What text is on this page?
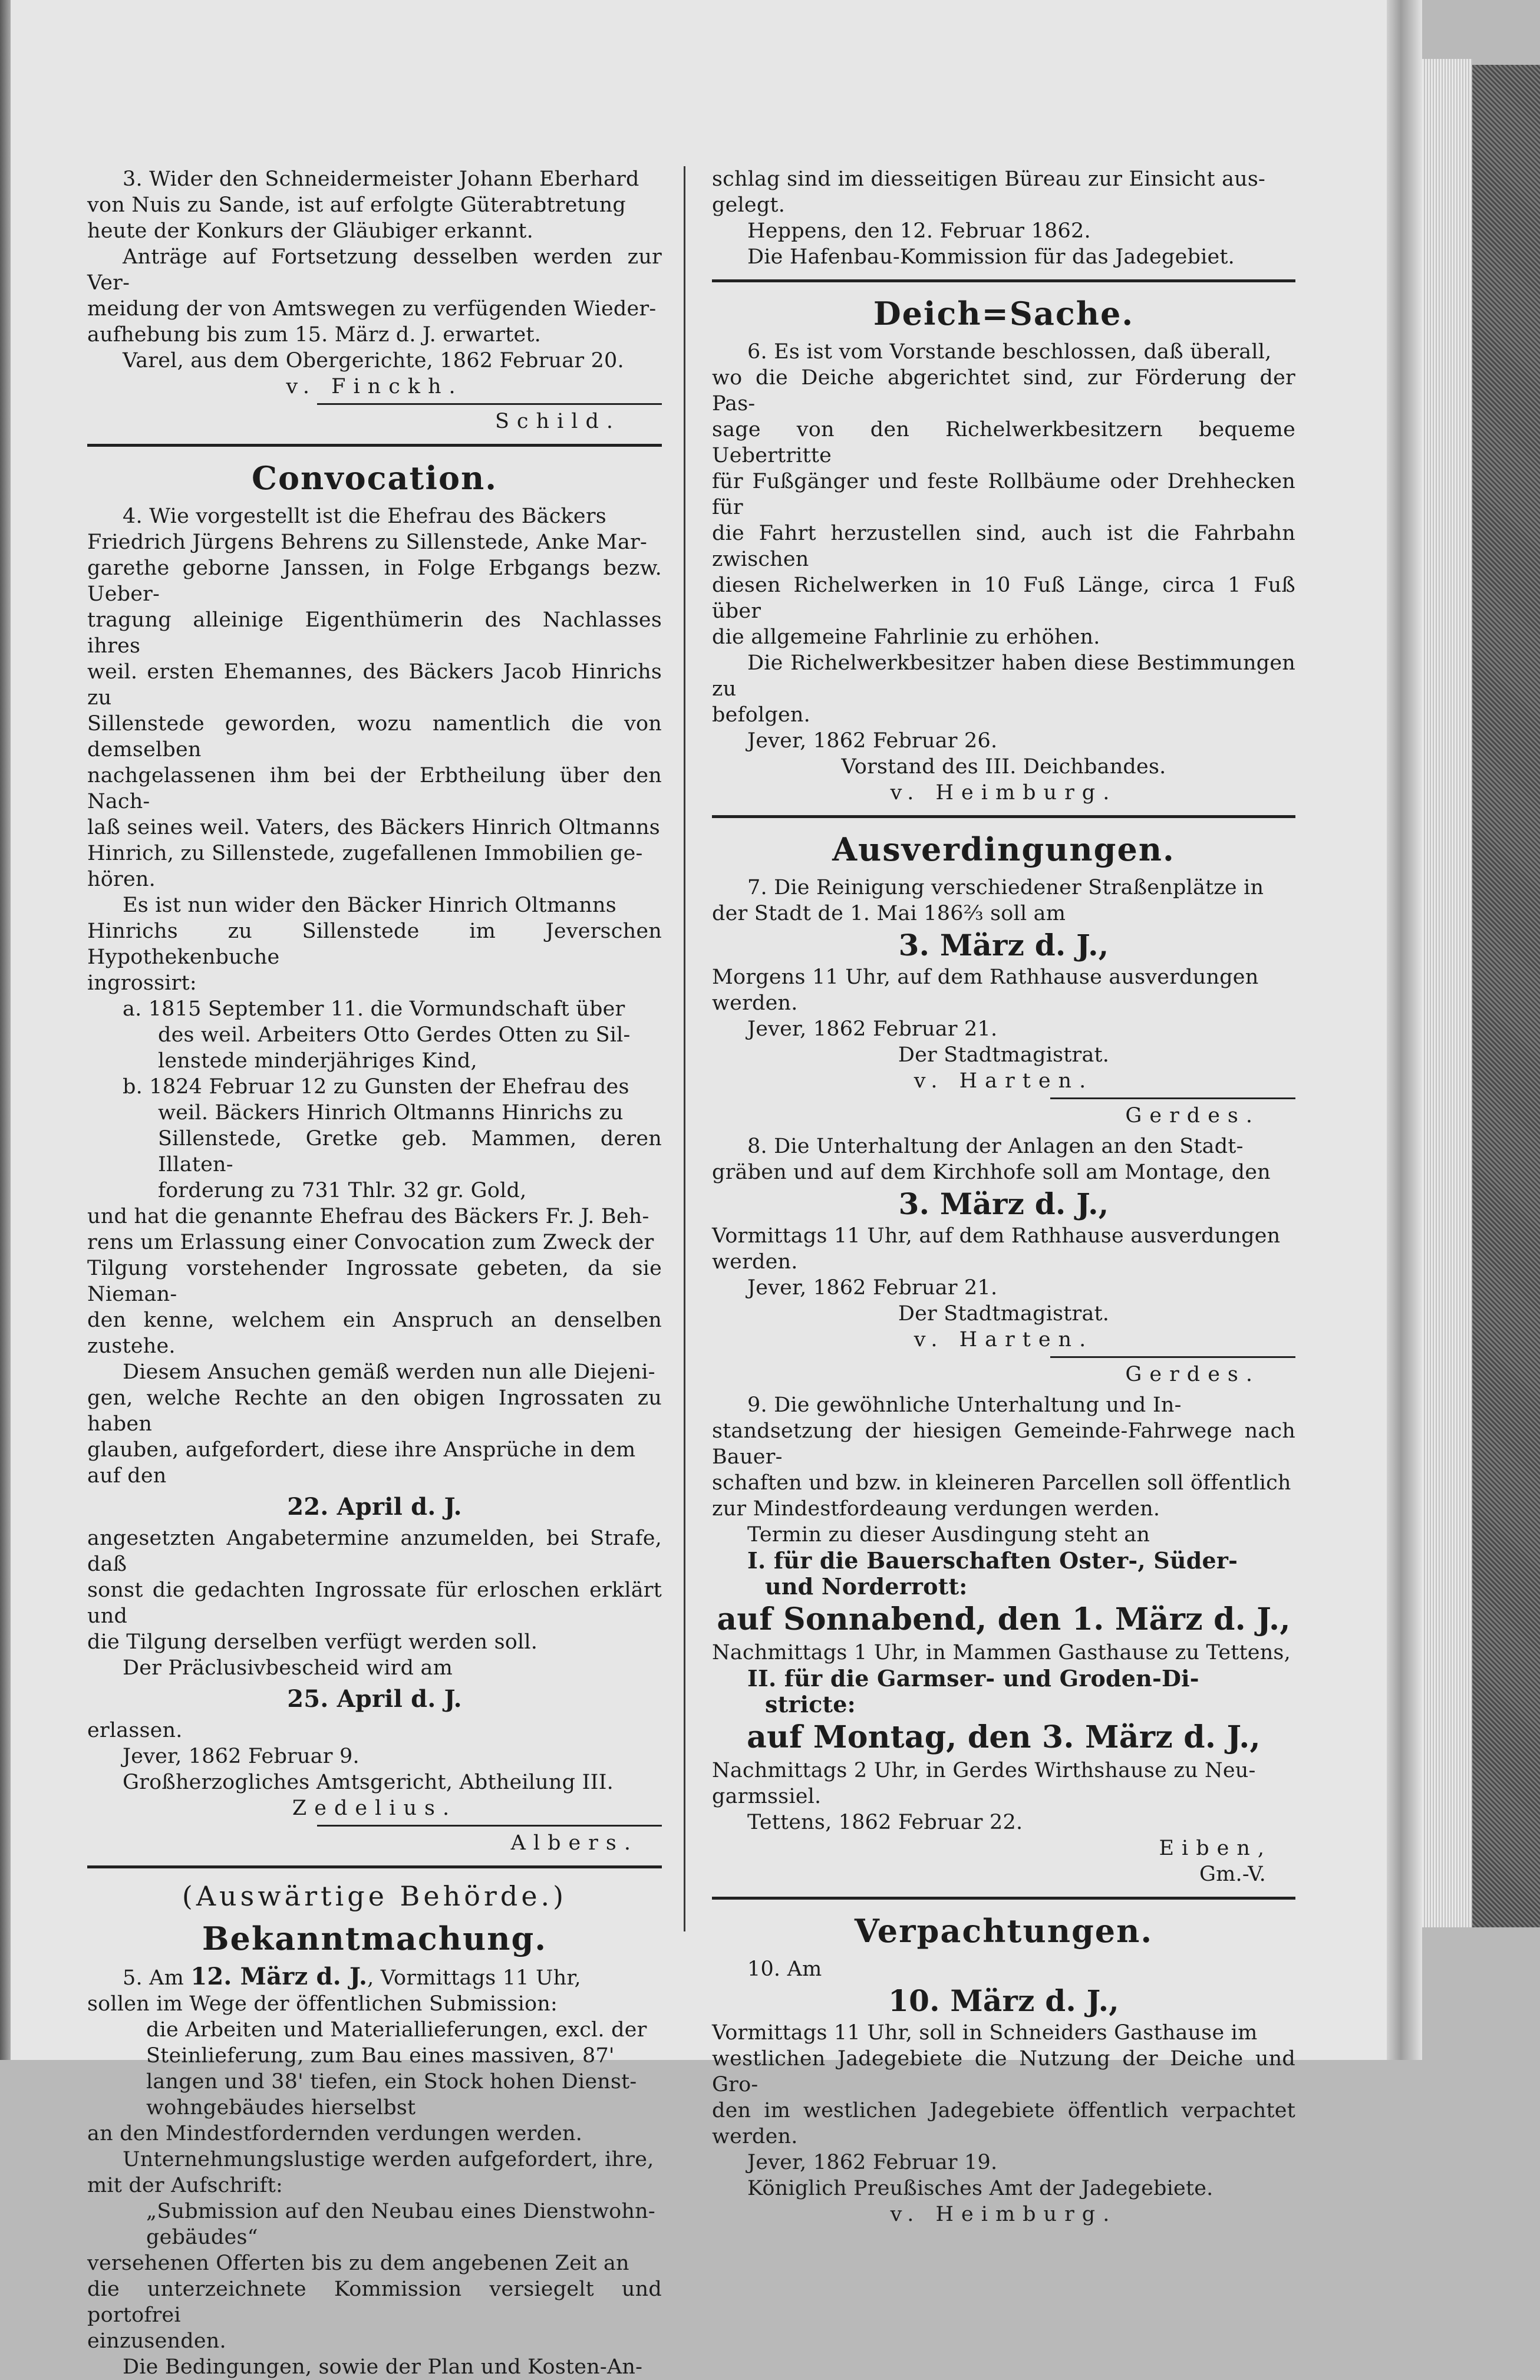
3. Wider den Schneidermeister Johann Eberhard

von Nuis zu Sande, ist auf erfolgte Güterabtretung

heute der Konkurs der Gläubiger erkannt.

Anträge auf Fortsetzung desselben werden zur Ver-

meidung der von Amtswegen zu verfügenden Wieder-

aufhebung bis zum 15. März d. J. erwartet.

Varel, aus dem Obergerichte, 1862 Februar 20.

v. Finckh.

Schild.

Convocation.

4. Wie vorgestellt ist die Ehefrau des Bäckers

Friedrich Jürgens Behrens zu Sillenstede, Anke Mar-

garethe geborne Janssen, in Folge Erbgangs bezw. Ueber-

tragung alleinige Eigenthümerin des Nachlasses ihres

weil. ersten Ehemannes, des Bäckers Jacob Hinrichs zu

Sillenstede geworden, wozu namentlich die von demselben

nachgelassenen ihm bei der Erbtheilung über den Nach-

laß seines weil. Vaters, des Bäckers Hinrich Oltmanns

Hinrich, zu Sillenstede, zugefallenen Immobilien ge-

hören.

Es ist nun wider den Bäcker Hinrich Oltmanns

Hinrichs zu Sillenstede im Jeverschen Hypothekenbuche

ingrossirt:

a. 1815 September 11. die Vormundschaft über

des weil. Arbeiters Otto Gerdes Otten zu Sil-

lenstede minderjähriges Kind,

b. 1824 Februar 12 zu Gunsten der Ehefrau des

weil. Bäckers Hinrich Oltmanns Hinrichs zu

Sillenstede, Gretke geb. Mammen, deren Illaten-

forderung zu 731 Thlr. 32 gr. Gold,

und hat die genannte Ehefrau des Bäckers Fr. J. Beh-

rens um Erlassung einer Convocation zum Zweck der

Tilgung vorstehender Ingrossate gebeten, da sie Nieman-

den kenne, welchem ein Anspruch an denselben zustehe.

Diesem Ansuchen gemäß werden nun alle Diejeni-

gen, welche Rechte an den obigen Ingrossaten zu haben

glauben, aufgefordert, diese ihre Ansprüche in dem

auf den

22. April d. J.

angesetzten Angabetermine anzumelden, bei Strafe, daß

sonst die gedachten Ingrossate für erloschen erklärt und

die Tilgung derselben verfügt werden soll.

Der Präclusivbescheid wird am

25. April d. J.

erlassen.

Jever, 1862 Februar 9.

Großherzogliches Amtsgericht, Abtheilung III.

Zedelius.

Albers.

(Auswärtige Behörde.)
Bekanntmachung.

5. Am 12. März d. J., Vormittags 11 Uhr,

sollen im Wege der öffentlichen Submission:

die Arbeiten und Materiallieferungen, excl. der

Steinlieferung, zum Bau eines massiven, 87'

langen und 38' tiefen, ein Stock hohen Dienst-

wohngebäudes hierselbst

an den Mindestfordernden verdungen werden.

Unternehmungslustige werden aufgefordert, ihre,

mit der Aufschrift:

„Submission auf den Neubau eines Dienstwohn-

gebäudes“

versehenen Offerten bis zu dem angebenen Zeit an

die unterzeichnete Kommission versiegelt und portofrei

einzusenden.

Die Bedingungen, sowie der Plan und Kosten-An-

schlag sind im diesseitigen Büreau zur Einsicht aus-

gelegt.

Heppens, den 12. Februar 1862.

Die Hafenbau-Kommission für das Jadegebiet.

Deich=Sache.

6. Es ist vom Vorstande beschlossen, daß überall,

wo die Deiche abgerichtet sind, zur Förderung der Pas-

sage von den Richelwerkbesitzern bequeme Uebertritte

für Fußgänger und feste Rollbäume oder Drehhecken für

die Fahrt herzustellen sind, auch ist die Fahrbahn zwischen

diesen Richelwerken in 10 Fuß Länge, circa 1 Fuß über

die allgemeine Fahrlinie zu erhöhen.

Die Richelwerkbesitzer haben diese Bestimmungen zu

befolgen.

Jever, 1862 Februar 26.

Vorstand des III. Deichbandes.

v. Heimburg.

Ausverdingungen.

7. Die Reinigung verschiedener Straßenplätze in

der Stadt de 1. Mai 186⅔ soll am

3. März d. J.,

Morgens 11 Uhr, auf dem Rathhause ausverdungen

werden.

Jever, 1862 Februar 21.

Der Stadtmagistrat.

v. Harten.

Gerdes.

8. Die Unterhaltung der Anlagen an den Stadt-

gräben und auf dem Kirchhofe soll am Montage, den

3. März d. J.,

Vormittags 11 Uhr, auf dem Rathhause ausverdungen

werden.

Jever, 1862 Februar 21.

Der Stadtmagistrat.

v. Harten.

Gerdes.

9. Die gewöhnliche Unterhaltung und In-

standsetzung der hiesigen Gemeinde-Fahrwege nach Bauer-

schaften und bzw. in kleineren Parcellen soll öffentlich

zur Mindestfordeaung verdungen werden.

Termin zu dieser Ausdingung steht an

I. für die Bauerschaften Oster-, Süder-

und Norderrott:

auf Sonnabend, den 1. März d. J.,

Nachmittags 1 Uhr, in Mammen Gasthause zu Tettens,

II. für die Garmser- und Groden-Di-

stricte:

auf Montag, den 3. März d. J.,

Nachmittags 2 Uhr, in Gerdes Wirthshause zu Neu-

garmssiel.

Tettens, 1862 Februar 22.

Eiben,

Gm.-V.

Verpachtungen.

10. Am

10. März d. J.,

Vormittags 11 Uhr, soll in Schneiders Gasthause im

westlichen Jadegebiete die Nutzung der Deiche und Gro-

den im westlichen Jadegebiete öffentlich verpachtet werden.

Jever, 1862 Februar 19.

Königlich Preußisches Amt der Jadegebiete.

v. Heimburg.
